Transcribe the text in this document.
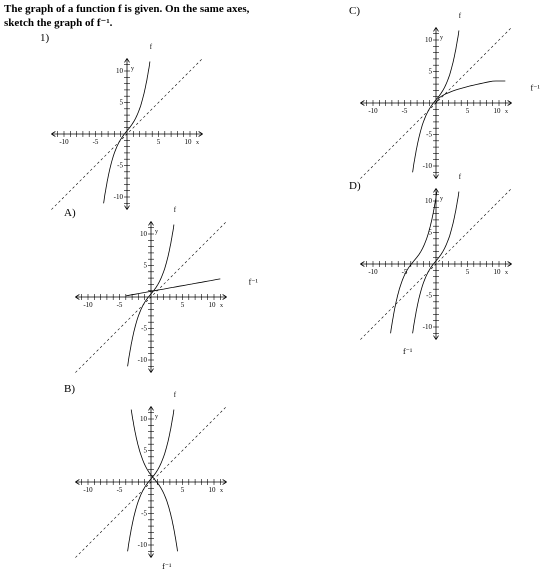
The graph of a function f is given. On the same axes,
sketch the graph of f⁻¹.
1)
A)
B)
C)
D)
-10	-5	5	10 x
10 y
5
-5
-10
f
-10	-5	5	10 x
10 y
5
-5
-10
f
f⁻¹
-10	-5	5	10 x
10 y
5
-5
-10
f
f⁻¹
-10	-5	5	10 x
10 y
5
-5
-10
f
f⁻¹
-10	-5	5	10 x
10 y
5
-5
-10
f
f⁻¹
